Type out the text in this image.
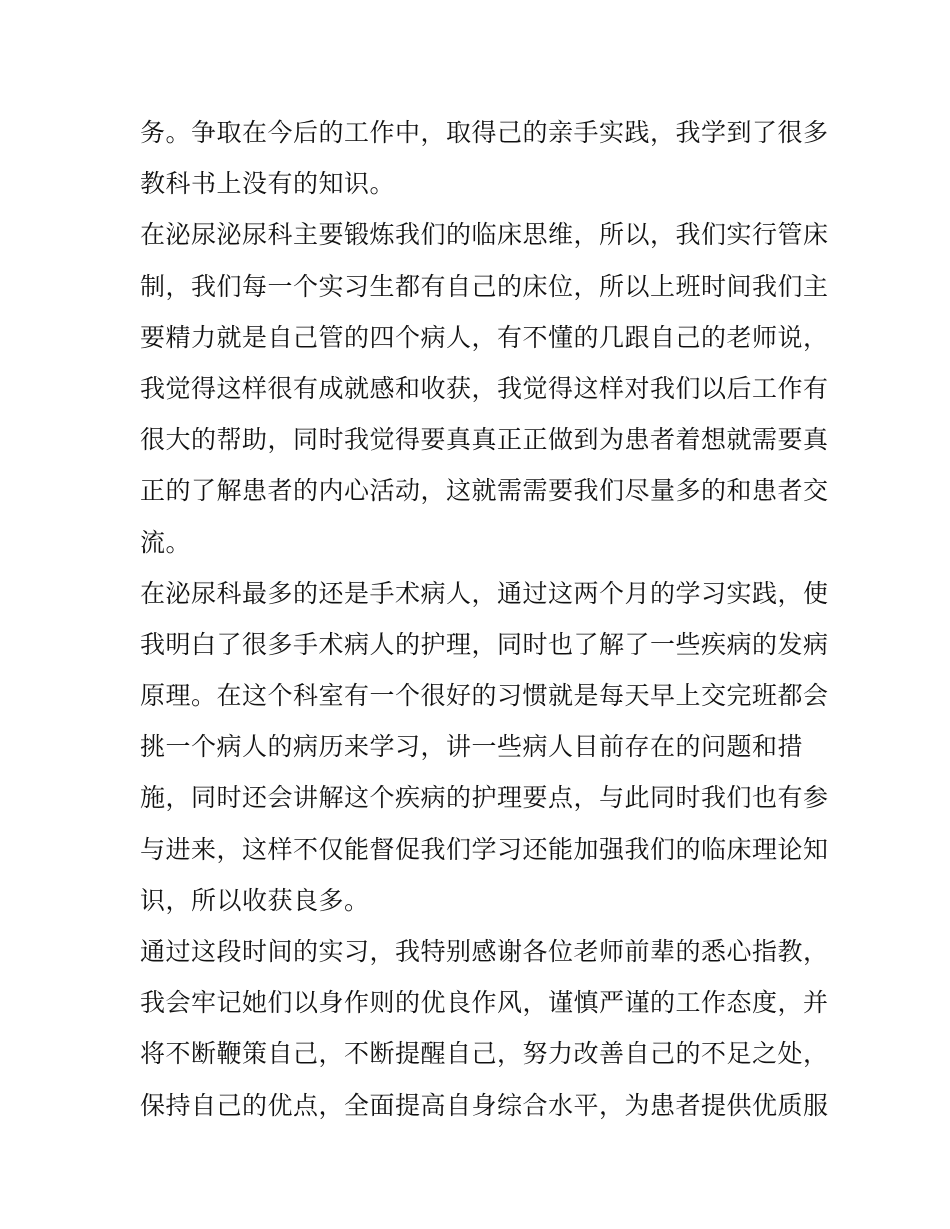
务。争取在今后的工作中，取得己的亲手实践，我学到了很多
教科书上没有的知识。
在泌尿泌尿科主要锻炼我们的临床思维，所以，我们实行管床
制，我们每一个实习生都有自己的床位，所以上班时间我们主
要精力就是自己管的四个病人，有不懂的几跟自己的老师说，
我觉得这样很有成就感和收获，我觉得这样对我们以后工作有
很大的帮助，同时我觉得要真真正正做到为患者着想就需要真
正的了解患者的内心活动，这就需需要我们尽量多的和患者交
流。
在泌尿科最多的还是手术病人，通过这两个月的学习实践，使
我明白了很多手术病人的护理，同时也了解了一些疾病的发病
原理。在这个科室有一个很好的习惯就是每天早上交完班都会
挑一个病人的病历来学习，讲一些病人目前存在的问题和措
施，同时还会讲解这个疾病的护理要点，与此同时我们也有参
与进来，这样不仅能督促我们学习还能加强我们的临床理论知
识，所以收获良多。
通过这段时间的实习，我特别感谢各位老师前辈的悉心指教，
我会牢记她们以身作则的优良作风，谨慎严谨的工作态度，并
将不断鞭策自己，不断提醒自己，努力改善自己的不足之处，
保持自己的优点，全面提高自身综合水平，为患者提供优质服
